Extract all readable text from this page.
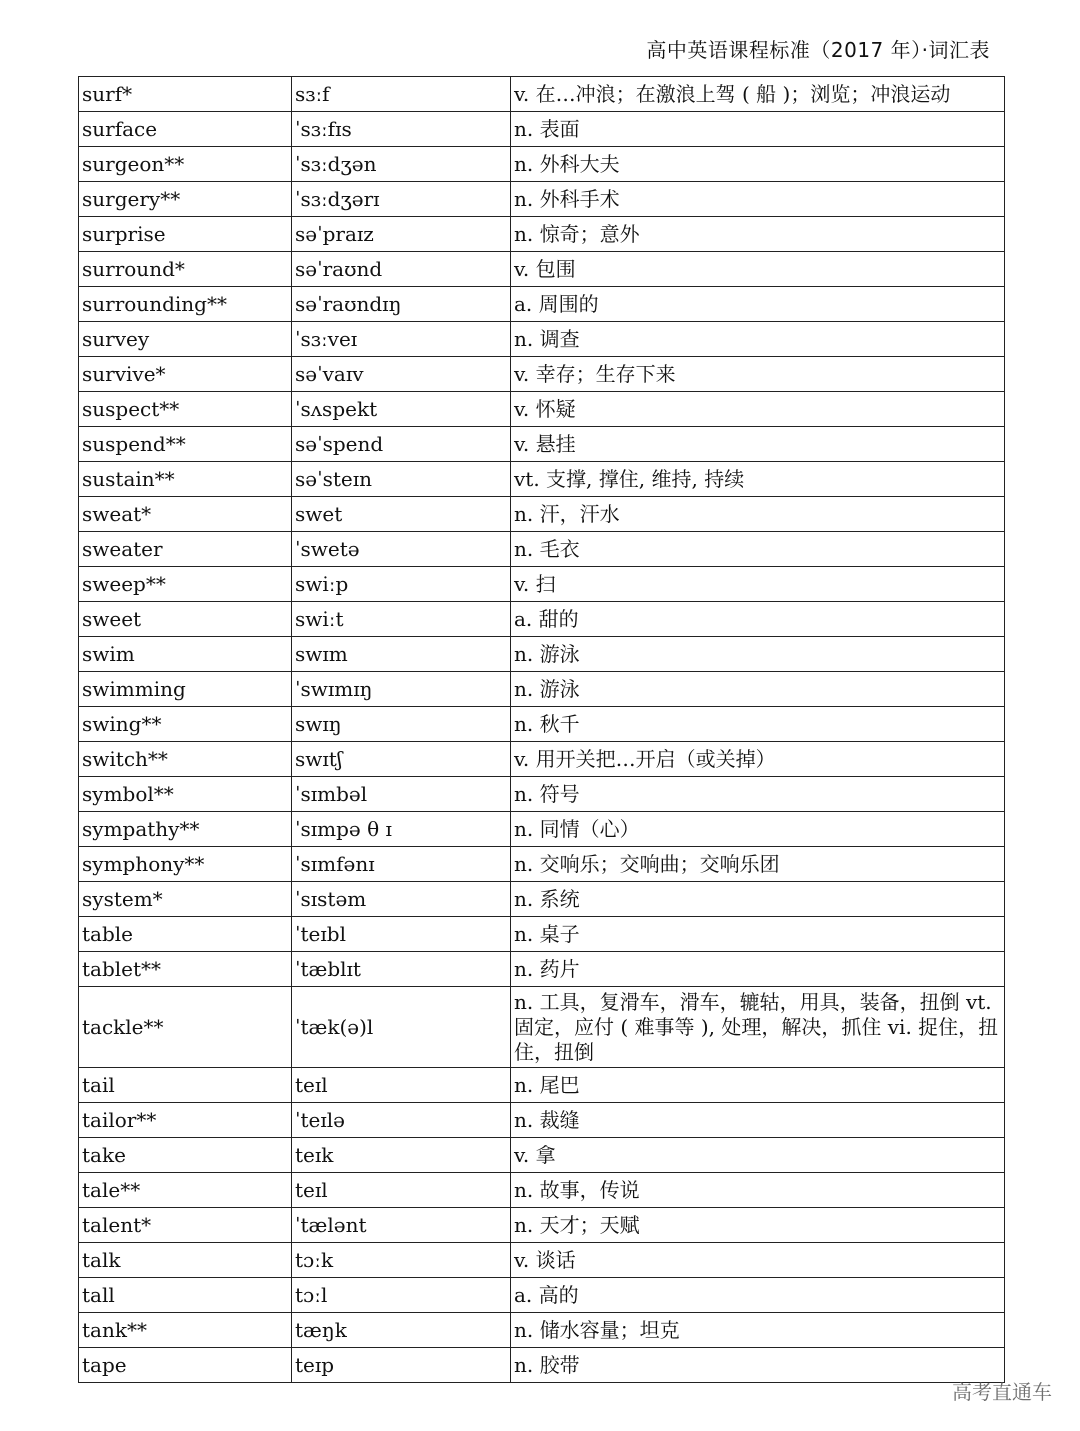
高中英语课程标准（2017 年）·词汇表
surf*	sɜːf	v. 在…冲浪；在激浪上驾 ( 船 )；浏览；冲浪运动
surface	ˈsɜːfɪs	n. 表面
surgeon**	ˈsɜːdʒən	n. 外科大夫
surgery**	ˈsɜːdʒərɪ	n. 外科手术
surprise	səˈpraɪz	n. 惊奇；意外
surround*	səˈraʊnd	v. 包围
surrounding**	səˈraʊndɪŋ	a. 周围的
survey	ˈsɜːveɪ	n. 调查
survive*	səˈvaɪv	v. 幸存；生存下来
suspect**	ˈsʌspekt	v. 怀疑
suspend**	səˈspend	v. 悬挂
sustain**	səˈsteɪn	vt. 支撑, 撑住, 维持, 持续
sweat*	swet	n. 汗，汗水
sweater	ˈswetə	n. 毛衣
sweep**	swiːp	v. 扫
sweet	swiːt	a. 甜的
swim	swɪm	n. 游泳
swimming	ˈswɪmɪŋ	n. 游泳
swing**	swɪŋ	n. 秋千
switch**	swɪtʃ	v. 用开关把…开启（或关掉）
symbol**	ˈsɪmbəl	n. 符号
sympathy**	ˈsɪmpə θ ɪ	n. 同情（心）
symphony**	ˈsɪmfənɪ	n. 交响乐；交响曲；交响乐团
system*	ˈsɪstəm	n. 系统
table	ˈteɪbl	n. 桌子
tablet**	ˈtæblɪt	n. 药片
tackle**	ˈtæk(ə)l	n. 工具，复滑车，滑车，辘轱，用具，装备，扭倒 vt. 固定，应付 ( 难事等 ), 处理，解决，抓住 vi. 捉住，扭住，扭倒
tail	teɪl	n. 尾巴
tailor**	ˈteɪlə	n. 裁缝
take	teɪk	v. 拿
tale**	teɪl	n. 故事，传说
talent*	ˈtælənt	n. 天才；天赋
talk	tɔːk	v. 谈话
tall	tɔːl	a. 高的
tank**	tæŋk	n. 储水容量；坦克
tape	teɪp	n. 胶带
高考直通车
